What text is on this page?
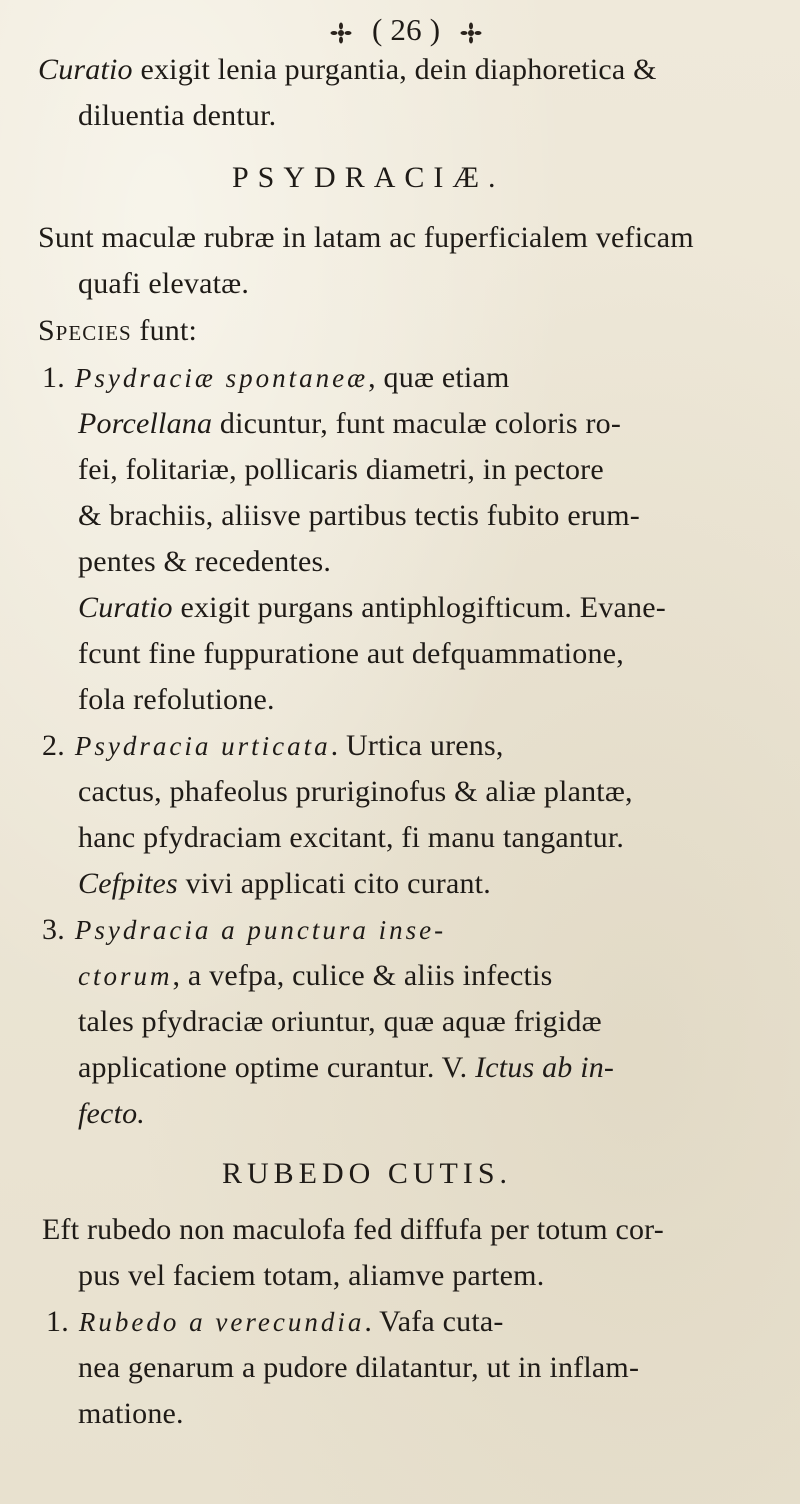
( 26 )
Curatio exigit lenia purgantia, dein diaphoretica &
diluentia dentur.
PSYDRACIÆ.
Sunt maculæ rubræ in latam ac fuperficialem veficam
quafi elevatæ.
Species funt:
1. Psydraciæ spontaneæ, quæ etiam
Porcellana dicuntur, funt maculæ coloris ro-
fei, folitariæ, pollicaris diametri, in pectore
& brachiis, aliisve partibus tectis fubito erum-
pentes & recedentes.
Curatio exigit purgans antiphlogifticum. Evane-
fcunt fine fuppuratione aut defquammatione,
fola refolutione.
2. Psydracia urticata. Urtica urens,
cactus, phafeolus pruriginofus & aliæ plantæ,
hanc pfydraciam excitant, fi manu tangantur.
Cefpites vivi applicati cito curant.
3. Psydracia a punctura inse-
ctorum, a vefpa, culice & aliis infectis
tales pfydraciæ oriuntur, quæ aquæ frigidæ
applicatione optime curantur. V. Ictus ab in-
fecto.
RUBEDO CUTIS.
Eft rubedo non maculofa fed diffufa per totum cor-
pus vel faciem totam, aliamve partem.
1. Rubedo a verecundia. Vafa cuta-
nea genarum a pudore dilatantur, ut in inflam-
matione.
